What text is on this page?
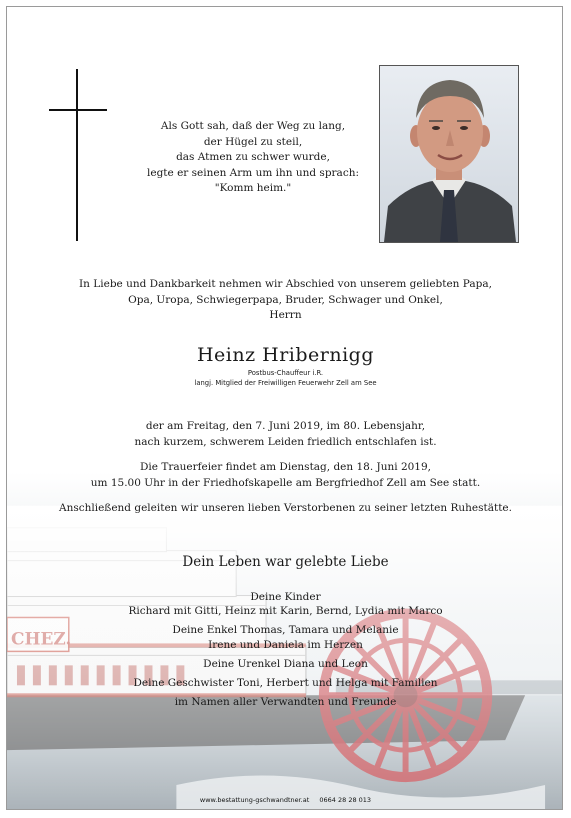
Als Gott sah, daß der Weg zu lang,
der Hügel zu steil,
das Atmen zu schwer wurde,
legte er seinen Arm um ihn und sprach:
"Komm heim."
In Liebe und Dankbarkeit nehmen wir Abschied von unserem geliebten Papa,
Opa, Uropa, Schwiegerpapa, Bruder, Schwager und Onkel,
Herrn
Heinz Hribernigg
Postbus-Chauffeur i.R.
langj. Mitglied der Freiwilligen Feuerwehr Zell am See
der am Freitag, den 7. Juni 2019, im 80. Lebensjahr,
nach kurzem, schwerem Leiden friedlich entschlafen ist.
Die Trauerfeier findet am Dienstag, den 18. Juni 2019,
um 15.00 Uhr in der Friedhofskapelle am Bergfriedhof Zell am See statt.
Anschließend geleiten wir unseren lieben Verstorbenen zu seiner letzten Ruhestätte.
Dein Leben war gelebte Liebe
Deine Kinder
Richard mit Gitti, Heinz mit Karin, Bernd, Lydia mit Marco
Deine Enkel Thomas, Tamara und Melanie
Irene und Daniela im Herzen
Deine Urenkel Diana und Leon
Deine Geschwister Toni, Herbert und Helga mit Familien
im Namen aller Verwandten und Freunde
www.bestattung-gschwandtner.at 0664 28 28 013
